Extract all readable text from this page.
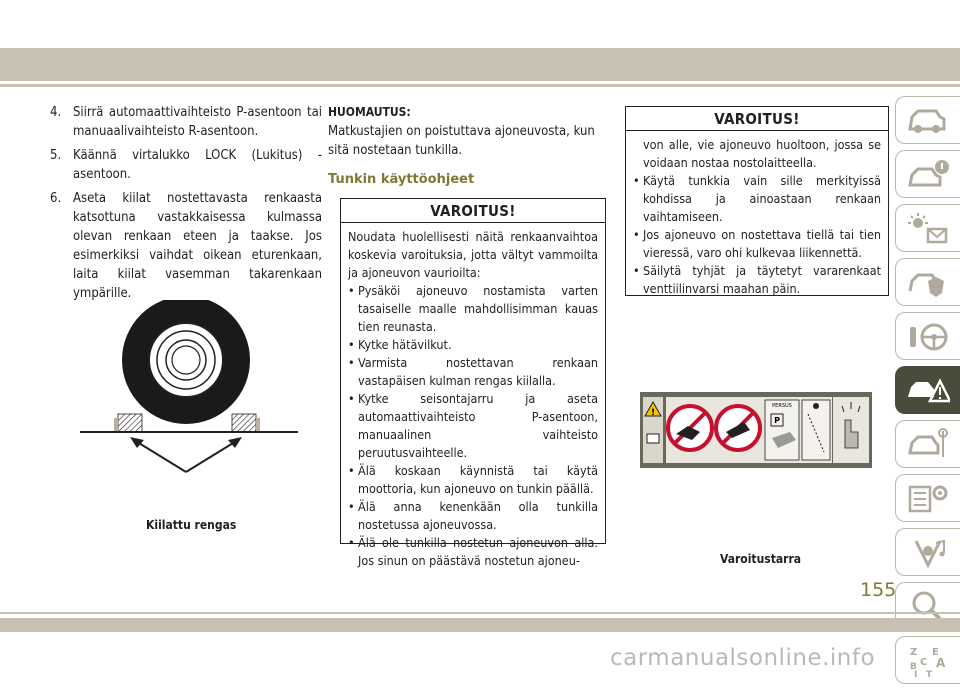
4. Siirrä automaattivaihteisto P-asentoon tai manuaalivaihteisto R-asentoon.
5. Käännä virtalukko LOCK (Lukitus) -asentoon.
6. Aseta kiilat nostettavasta renkaasta katsottuna vastakkaisessa kulmassa olevan renkaan eteen ja taakse. Jos esimerkiksi vaihdat oikean eturenkaan, laita kiilat vasemman takarenkaan ympärille.
Kiilattu rengas
HUOMAUTUS:
Matkustajien on poistuttava ajoneuvosta, kun sitä nostetaan tunkilla.
Tunkin käyttöohjeet
VAROITUS!
Noudata huolellisesti näitä renkaanvaihtoa koskevia varoituksia, jotta vältyt vammoilta ja ajoneuvon vaurioilta:
• Pysäköi ajoneuvo nostamista varten tasaiselle maalle mahdollisimman kauas tien reunasta.
• Kytke hätävilkut.
• Varmista nostettavan renkaan vastapäisen kulman rengas kiilalla.
• Kytke seisontajarru ja aseta automaattivaihteisto P-asentoon, manuaalinen vaihteisto peruutusvaihteelle.
• Älä koskaan käynnistä tai käytä moottoria, kun ajoneuvo on tunkin päällä.
• Älä anna kenenkään olla tunkilla nostetussa ajoneuvossa.
• Älä ole tunkilla nostetun ajoneuvon alla. Jos sinun on päästävä nostetun ajoneu-
VAROITUS!
von alle, vie ajoneuvo huoltoon, jossa se voidaan nostaa nostolaitteella.
• Käytä tunkkia vain sille merkityissä kohdissa ja ainoastaan renkaan vaihtamiseen.
• Jos ajoneuvo on nostettava tiellä tai tien vieressä, varo ohi kulkevaa liikennettä.
• Säilytä tyhjät ja täytetyt vararenkaat venttiilinvarsi maahan päin.
!
PERSUS
P
Varoitustarra
Z E
C A
B
I T
155
carmanualsonline.info
